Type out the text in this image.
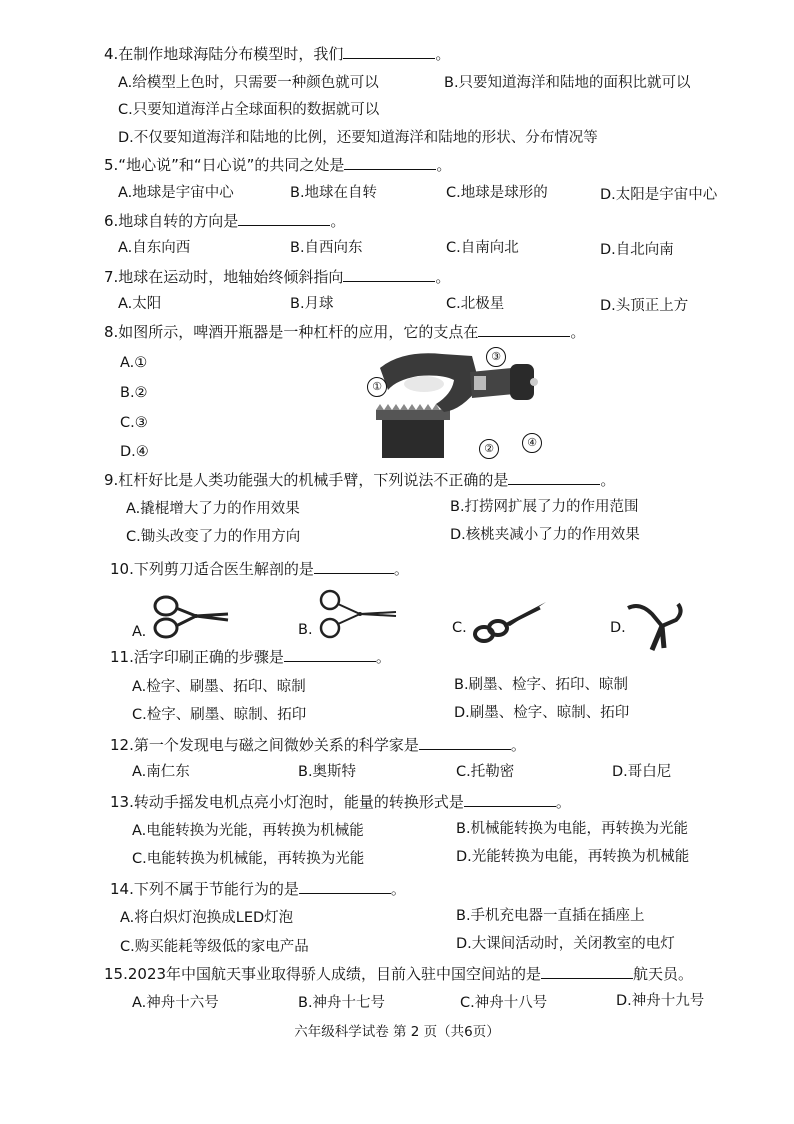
4.在制作地球海陆分布模型时，我们	。
A.给模型上色时，只需要一种颜色就可以	B.只要知道海洋和陆地的面积比就可以
C.只要知道海洋占全球面积的数据就可以
D.不仅要知道海洋和陆地的比例，还要知道海洋和陆地的形状、分布情况等
5.“地心说”和“日心说”的共同之处是	。
A.地球是宇宙中心	B.地球在自转	C.地球是球形的	D.太阳是宇宙中心
6.地球自转的方向是	。
A.自东向西	B.自西向东	C.自南向北	D.自北向南
7.地球在运动时，地轴始终倾斜指向	。
A.太阳	B.月球	C.北极星	D.头顶正上方
8.如图所示，啤酒开瓶器是一种杠杆的应用，它的支点在	。
A.①
B.②
C.③
D.④
①
②
③
④
9.杠杆好比是人类功能强大的机械手臂，下列说法不正确的是	。
A.撬棍增大了力的作用效果	B.打捞网扩展了力的作用范围
C.锄头改变了力的作用方向	D.核桃夹减小了力的作用效果
10.下列剪刀适合医生解剖的是	。
A.	B.	C.	D.
11.活字印刷正确的步骤是	。
A.检字、刷墨、拓印、晾制	B.刷墨、检字、拓印、晾制
C.检字、刷墨、晾制、拓印	D.刷墨、检字、晾制、拓印
12.第一个发现电与磁之间微妙关系的科学家是	。
A.南仁东	B.奥斯特	C.托勒密	D.哥白尼
13.转动手摇发电机点亮小灯泡时，能量的转换形式是	。
A.电能转换为光能，再转换为机械能	B.机械能转换为电能，再转换为光能
C.电能转换为机械能，再转换为光能	D.光能转换为电能，再转换为机械能
14.下列不属于节能行为的是	。
A.将白炽灯泡换成LED灯泡	B.手机充电器一直插在插座上
C.购买能耗等级低的家电产品	D.大课间活动时，关闭教室的电灯
15.2023年中国航天事业取得骄人成绩，目前入驻中国空间站的是	航天员。
A.神舟十六号	B.神舟十七号	C.神舟十八号	D.神舟十九号
六年级科学试卷 第 2 页（共6页）
